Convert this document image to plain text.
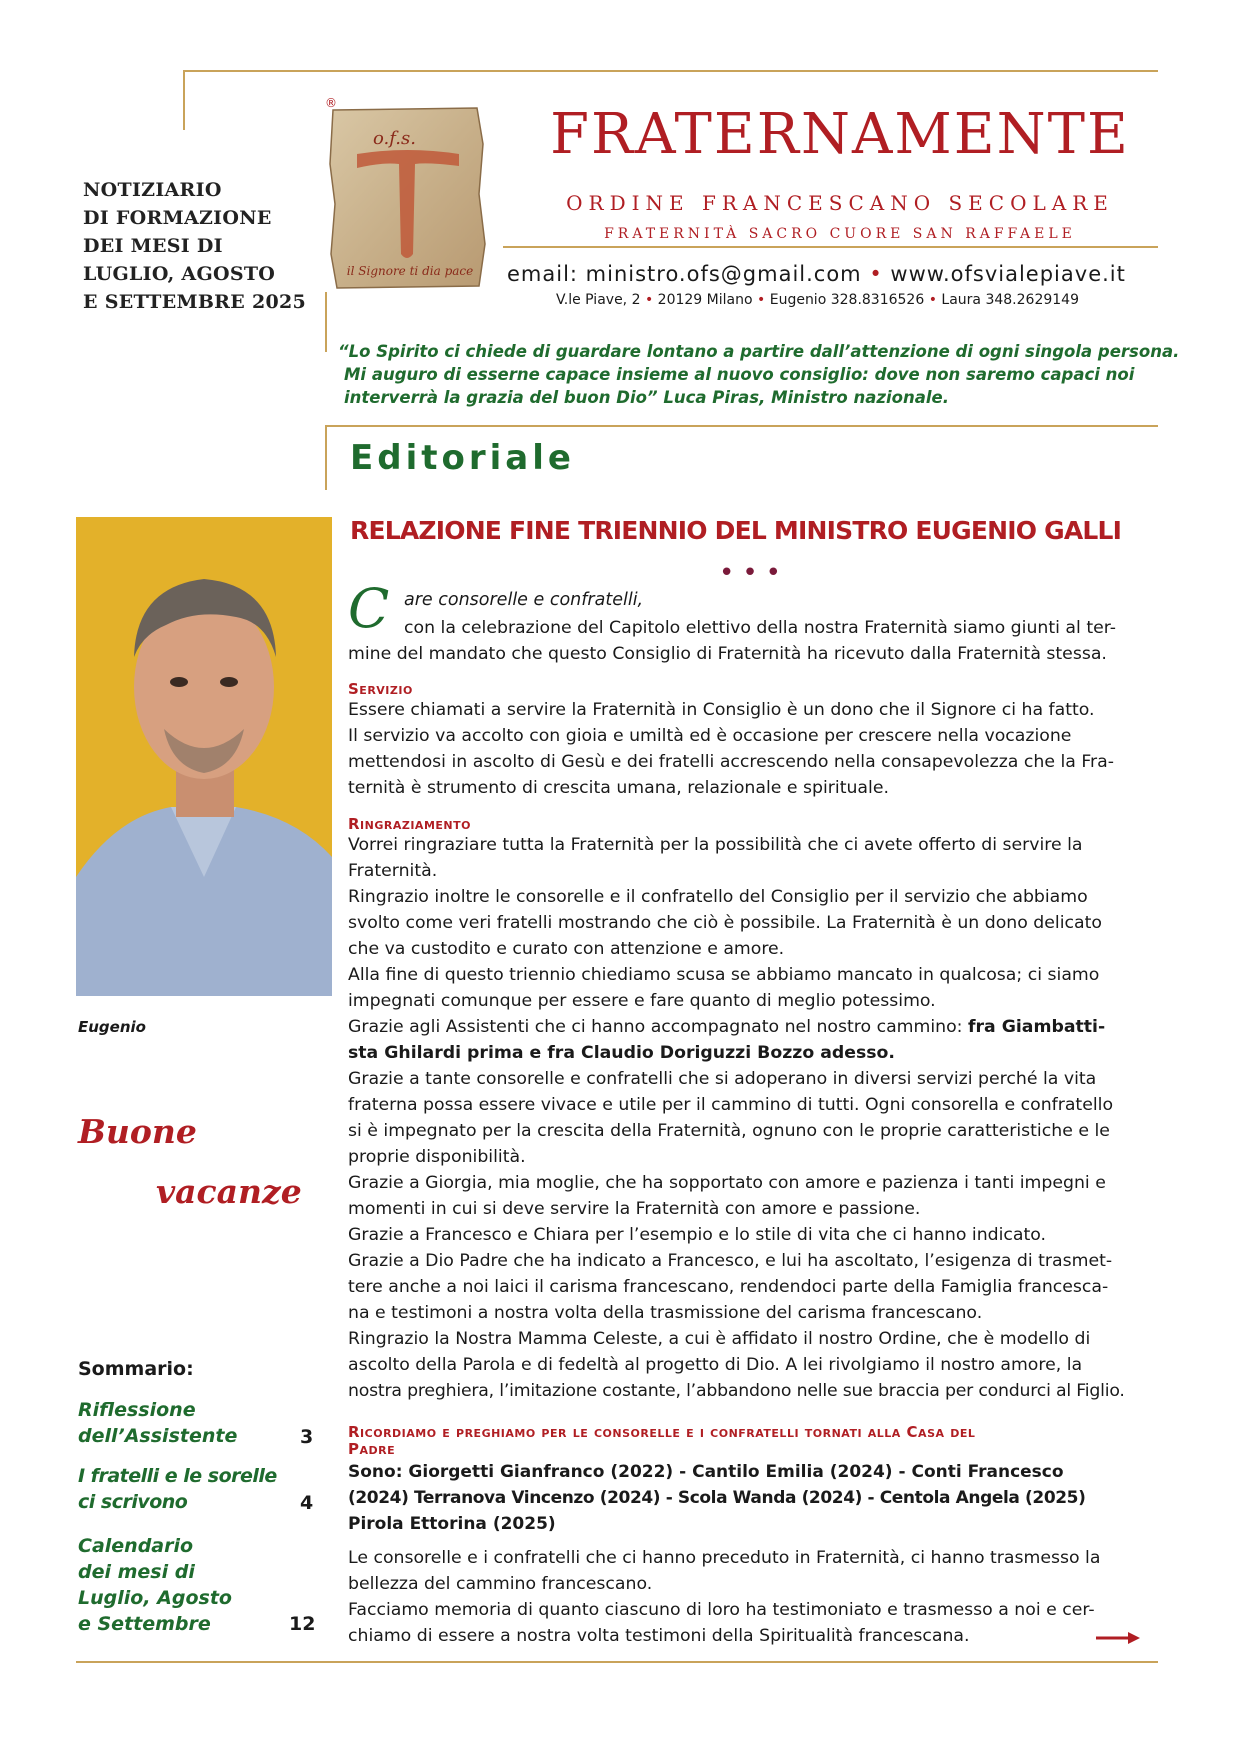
NOTIZIARIO
DI FORMAZIONE
DEI MESI DI
LUGLIO, AGOSTO
E SETTEMBRE 2025
®
o.f.s.
il Signore ti dia pace
FRATERNAMENTE
ORDINE FRANCESCANO SECOLARE
FRATERNITÀ SACRO CUORE SAN RAFFAELE
email: ministro.ofs@gmail.com • www.ofsvialepiave.it
V.le Piave, 2 • 20129 Milano • Eugenio 328.8316526 • Laura 348.2629149
“Lo Spirito ci chiede di guardare lontano a partire dall’attenzione di ogni singola persona.
Mi auguro di esserne capace insieme al nuovo consiglio: dove non saremo capaci noi
interverrà la grazia del buon Dio” Luca Piras, Ministro nazionale.
Editoriale
Eugenio
Buone
vacanze
Sommario:
Riflessione
dell’Assistente	3
I fratelli e le sorelle
ci scrivono	4
Calendario
dei mesi di
Luglio, Agosto
e Settembre	12
RELAZIONE FINE TRIENNIO DEL MINISTRO EUGENIO GALLI
•••
C are consorelle e confratelli,
con la celebrazione del Capitolo elettivo della nostra Fraternità siamo giunti al ter-
mine del mandato che questo Consiglio di Fraternità ha ricevuto dalla Fraternità stessa.
Servizio
Essere chiamati a servire la Fraternità in Consiglio è un dono che il Signore ci ha fatto.
Il servizio va accolto con gioia e umiltà ed è occasione per crescere nella vocazione
mettendosi in ascolto di Gesù e dei fratelli accrescendo nella consapevolezza che la Fra-
ternità è strumento di crescita umana, relazionale e spirituale.
Ringraziamento
Vorrei ringraziare tutta la Fraternità per la possibilità che ci avete offerto di servire la
Fraternità.
Ringrazio inoltre le consorelle e il confratello del Consiglio per il servizio che abbiamo
svolto come veri fratelli mostrando che ciò è possibile. La Fraternità è un dono delicato
che va custodito e curato con attenzione e amore.
Alla fine di questo triennio chiediamo scusa se abbiamo mancato in qualcosa; ci siamo
impegnati comunque per essere e fare quanto di meglio potessimo.
Grazie agli Assistenti che ci hanno accompagnato nel nostro cammino: fra Giambatti-
sta Ghilardi prima e fra Claudio Doriguzzi Bozzo adesso.
Grazie a tante consorelle e confratelli che si adoperano in diversi servizi perché la vita
fraterna possa essere vivace e utile per il cammino di tutti. Ogni consorella e confratello
si è impegnato per la crescita della Fraternità, ognuno con le proprie caratteristiche e le
proprie disponibilità.
Grazie a Giorgia, mia moglie, che ha sopportato con amore e pazienza i tanti impegni e
momenti in cui si deve servire la Fraternità con amore e passione.
Grazie a Francesco e Chiara per l’esempio e lo stile di vita che ci hanno indicato.
Grazie a Dio Padre che ha indicato a Francesco, e lui ha ascoltato, l’esigenza di trasmet-
tere anche a noi laici il carisma francescano, rendendoci parte della Famiglia francesca-
na e testimoni a nostra volta della trasmissione del carisma francescano.
Ringrazio la Nostra Mamma Celeste, a cui è affidato il nostro Ordine, che è modello di
ascolto della Parola e di fedeltà al progetto di Dio. A lei rivolgiamo il nostro amore, la
nostra preghiera, l’imitazione costante, l’abbandono nelle sue braccia per condurci al Figlio.
Ricordiamo e preghiamo per le consorelle e i confratelli tornati alla Casa del
Padre
Sono: Giorgetti Gianfranco (2022) - Cantilo Emilia (2024) - Conti Francesco
(2024) Terranova Vincenzo (2024) - Scola Wanda (2024) - Centola Angela (2025)
Pirola Ettorina (2025)
Le consorelle e i confratelli che ci hanno preceduto in Fraternità, ci hanno trasmesso la
bellezza del cammino francescano.
Facciamo memoria di quanto ciascuno di loro ha testimoniato e trasmesso a noi e cer-
chiamo di essere a nostra volta testimoni della Spiritualità francescana.
